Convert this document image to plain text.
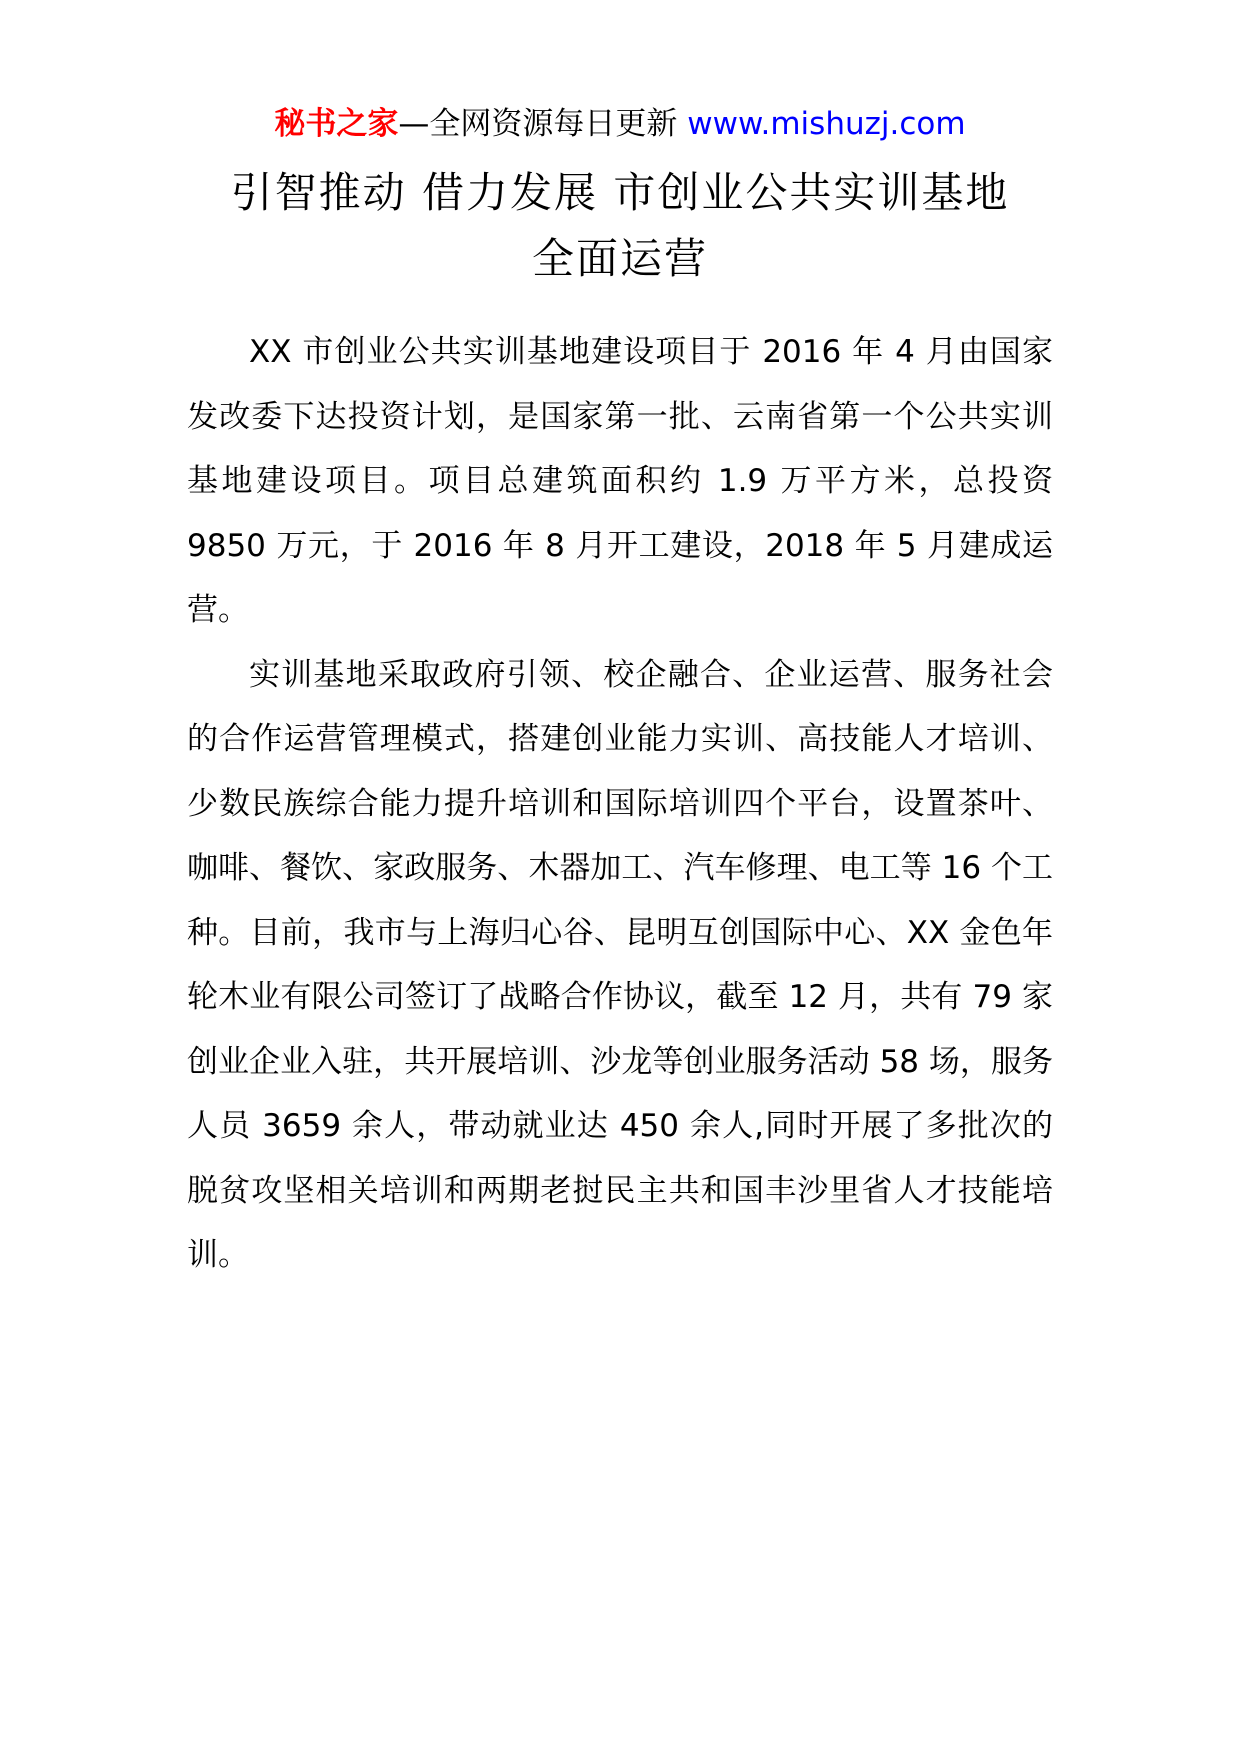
秘书之家—全网资源每日更新 www.mishuzj.com
引智推动 借力发展 市创业公共实训基地
全面运营

XX 市创业公共实训基地建设项目于 2016 年 4 月由国家发改委下达投资计划，是国家第一批、云南省第一个公共实训基地建设项目。项目总建筑面积约 1.9 万平方米，总投资 9850 万元，于 2016 年 8 月开工建设，2018 年 5 月建成运营。

实训基地采取政府引领、校企融合、企业运营、服务社会的合作运营管理模式，搭建创业能力实训、高技能人才培训、少数民族综合能力提升培训和国际培训四个平台，设置茶叶、咖啡、餐饮、家政服务、木器加工、汽车修理、电工等 16 个工种。目前，我市与上海归心谷、昆明互创国际中心、XX 金色年轮木业有限公司签订了战略合作协议，截至 12 月，共有 79 家创业企业入驻，共开展培训、沙龙等创业服务活动 58 场，服务人员 3659 余人，带动就业达 450 余人,同时开展了多批次的脱贫攻坚相关培训和两期老挝民主共和国丰沙里省人才技能培训。
